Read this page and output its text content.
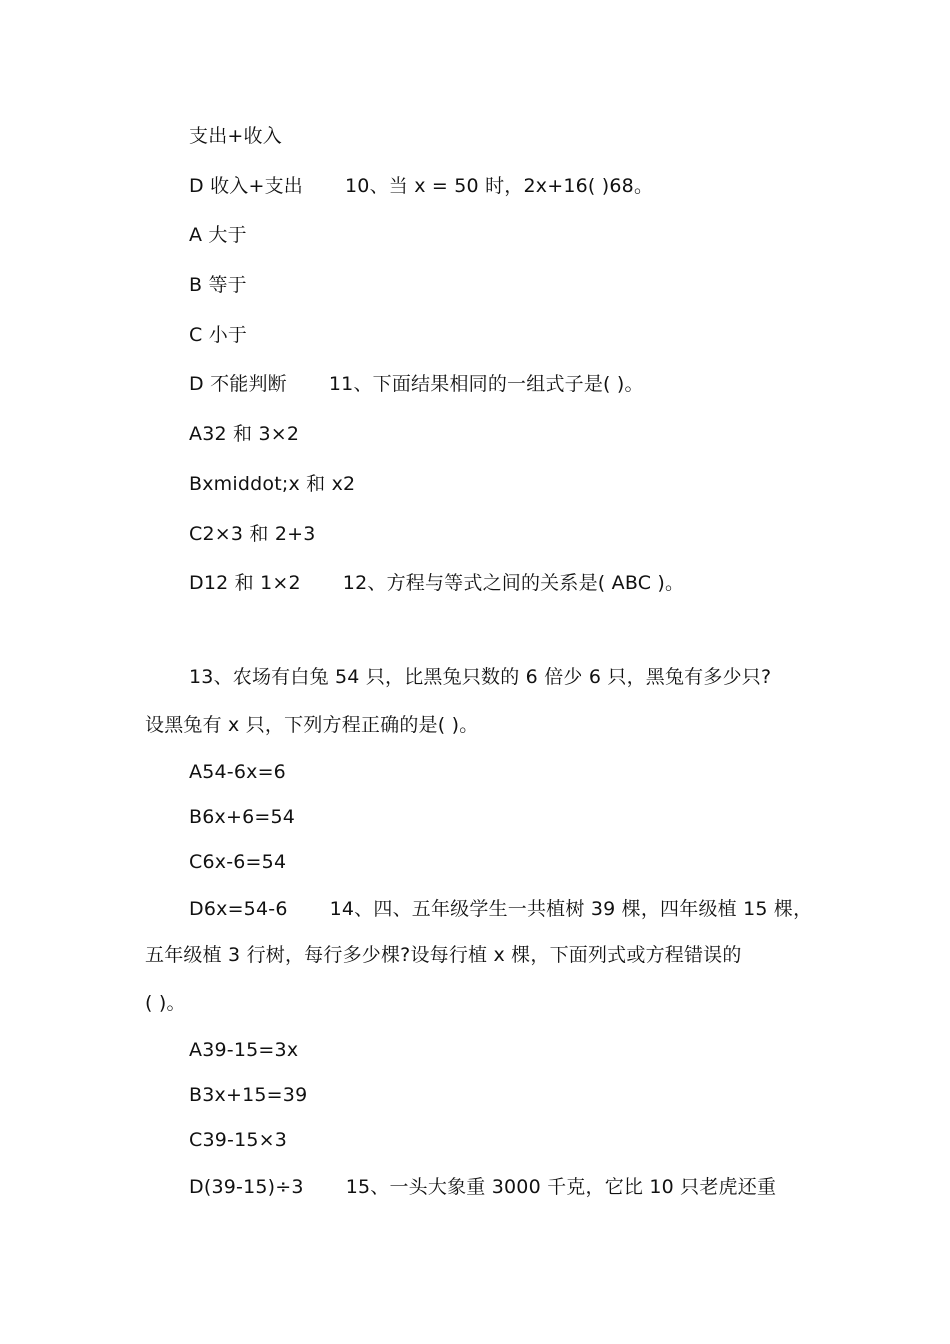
支出+收入
D 收入+支出 10、当 x = 50 时，2x+16( )68。
A 大于
B 等于
C 小于
D 不能判断 11、下面结果相同的一组式子是( )。
A32 和 3×2
Bxmiddot;x 和 x2
C2×3 和 2+3
D12 和 1×2 12、方程与等式之间的关系是( ABC )。
13、农场有白兔 54 只，比黑兔只数的 6 倍少 6 只，黑兔有多少只?
设黑兔有 x 只，下列方程正确的是( )。
A54-6x=6
B6x+6=54
C6x-6=54
D6x=54-6 14、四、五年级学生一共植树 39 棵，四年级植 15 棵，
五年级植 3 行树，每行多少棵?设每行植 x 棵，下面列式或方程错误的
( )。
A39-15=3x
B3x+15=39
C39-15×3
D(39-15)÷3 15、一头大象重 3000 千克，它比 10 只老虎还重
